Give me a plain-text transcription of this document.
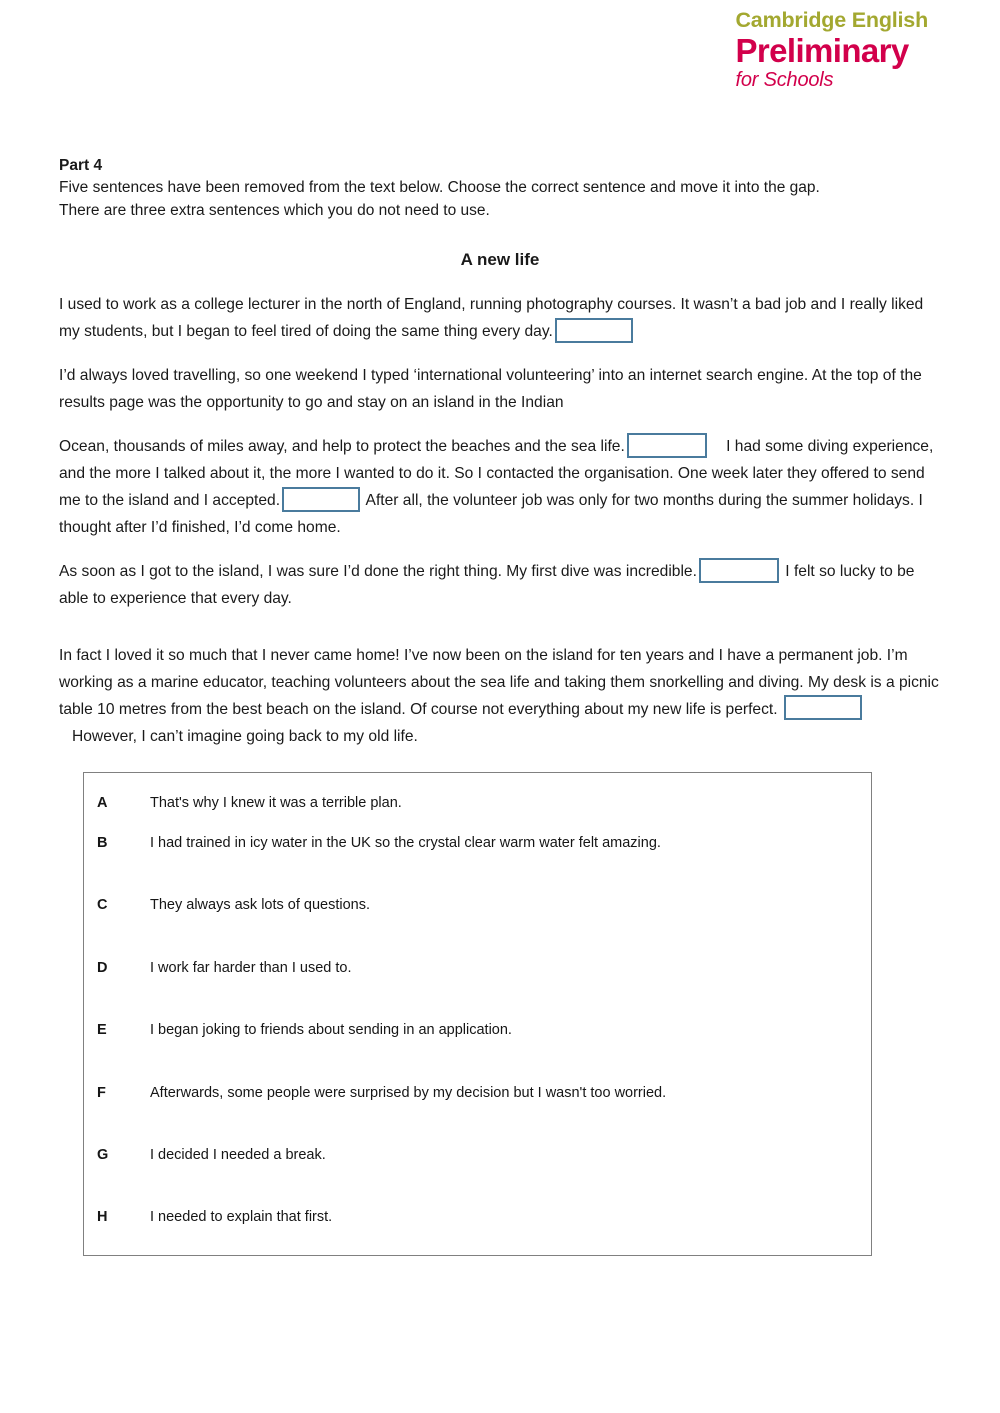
Cambridge English
Preliminary
for Schools
Part 4
Five sentences have been removed from the text below. Choose the correct sentence and move it into the gap.
There are three extra sentences which you do not need to use.
A new life

I used to work as a college lecturer in the north of England, running photography courses. It wasn’t a bad job and I really liked my students, but I began to feel tired of doing the same thing every day.

I’d always loved travelling, so one weekend I typed ‘international volunteering’ into an internet search engine. At the top of the results page was the opportunity to go and stay on an island in the Indian

Ocean, thousands of miles away, and help to protect the beaches and the sea life.	I had some diving experience, and the more I talked about it, the more I wanted to do it. So I contacted the organisation. One week later they offered to send me to the island and I accepted.	After all, the volunteer job was only for two months during the summer holidays. I thought after I’d finished, I’d come home.

As soon as I got to the island, I was sure I’d done the right thing. My first dive was incredible.	I felt so lucky to be able to experience that every day.

In fact I loved it so much that I never came home! I’ve now been on the island for ten years and I have a permanent job. I’m working as a marine educator, teaching volunteers about the sea life and taking them snorkelling and diving. My desk is a picnic table 10 metres from the best beach on the island. Of course not everything about my new life is perfect.    However, I can’t imagine going back to my old life.

A	That's why I knew it was a terrible plan.
B	I had trained in icy water in the UK so the crystal clear warm water felt amazing.
C	They always ask lots of questions.
D	I work far harder than I used to.
E	I began joking to friends about sending in an application.
F	Afterwards, some people were surprised by my decision but I wasn't too worried.
G	I decided I needed a break.
H	I needed to explain that first.
